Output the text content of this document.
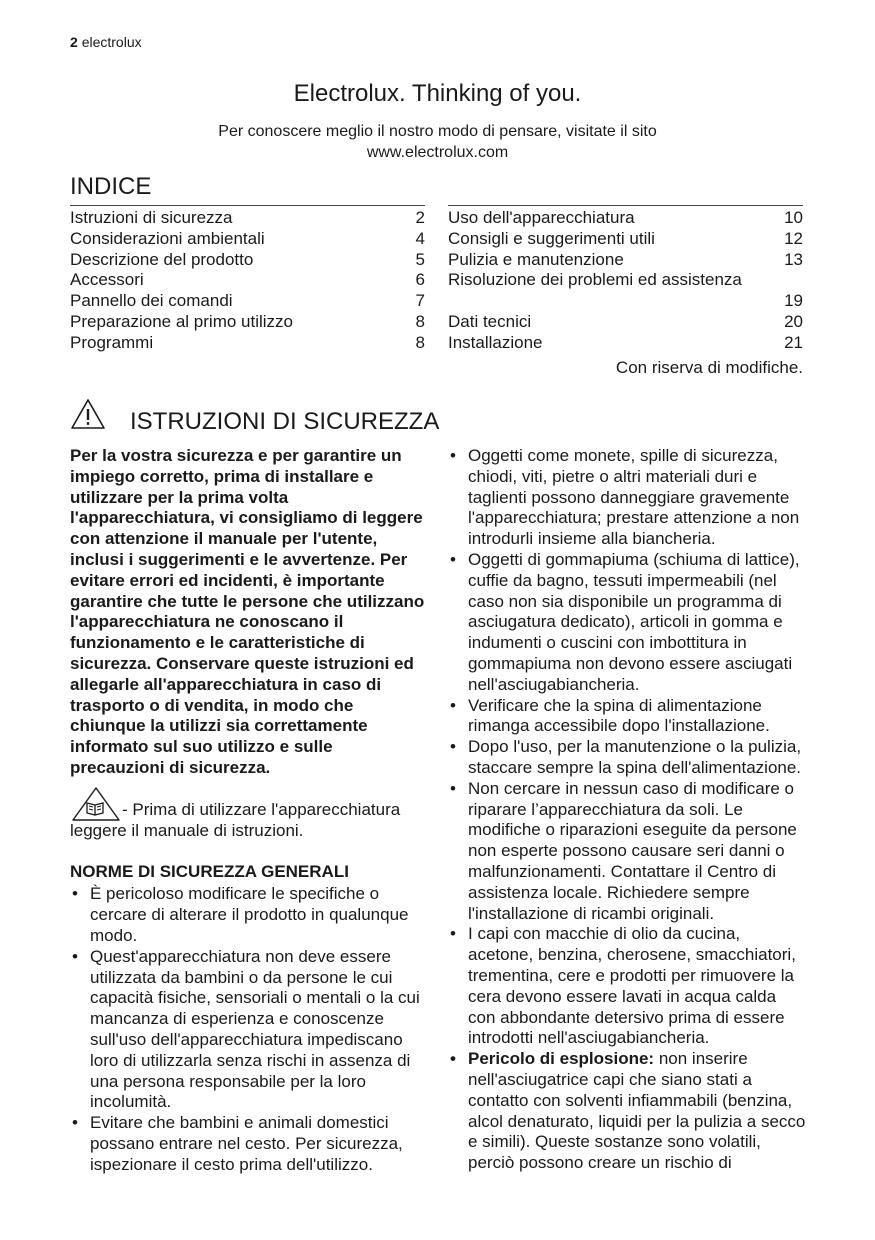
2 electrolux
Electrolux. Thinking of you.
Per conoscere meglio il nostro modo di pensare, visitate il sito www.electrolux.com
INDICE
Istruzioni di sicurezza	2
Considerazioni ambientali	4
Descrizione del prodotto	5
Accessori	6
Pannello dei comandi	7
Preparazione al primo utilizzo	8
Programmi	8
Uso dell'apparecchiatura	10
Consigli e suggerimenti utili	12
Pulizia e manutenzione	13
Risoluzione dei problemi ed assistenza
19
Dati tecnici	20
Installazione	21
Con riserva di modifiche.
ISTRUZIONI DI SICUREZZA

Per la vostra sicurezza e per garantire un impiego corretto, prima di installare e utilizzare per la prima volta l'apparecchiatura, vi consigliamo di leggere con attenzione il manuale per l'utente, inclusi i suggerimenti e le avvertenze. Per evitare errori ed incidenti, è importante garantire che tutte le persone che utilizzano l'apparecchiatura ne conoscano il funzionamento e le caratteristiche di sicurezza. Conservare queste istruzioni ed allegarle all'apparecchiatura in caso di trasporto o di vendita, in modo che chiunque la utilizzi sia correttamente informato sul suo utilizzo e sulle precauzioni di sicurezza.

- Prima di utilizzare l'apparecchiatura leggere il manuale di istruzioni.
NORME DI SICUREZZA GENERALI
• È pericoloso modificare le specifiche o cercare di alterare il prodotto in qualunque modo.
• Quest'apparecchiatura non deve essere utilizzata da bambini o da persone le cui capacità fisiche, sensoriali o mentali o la cui mancanza di esperienza e conoscenze sull'uso dell'apparecchiatura impediscano loro di utilizzarla senza rischi in assenza di una persona responsabile per la loro incolumità.
• Evitare che bambini e animali domestici possano entrare nel cesto. Per sicurezza, ispezionare il cesto prima dell'utilizzo.
• Oggetti come monete, spille di sicurezza, chiodi, viti, pietre o altri materiali duri e taglienti possono danneggiare gravemente l'apparecchiatura; prestare attenzione a non introdurli insieme alla biancheria.
• Oggetti di gommapiuma (schiuma di lattice), cuffie da bagno, tessuti impermeabili (nel caso non sia disponibile un programma di asciugatura dedicato), articoli in gomma e indumenti o cuscini con imbottitura in gommapiuma non devono essere asciugati nell'asciugabiancheria.
• Verificare che la spina di alimentazione rimanga accessibile dopo l'installazione.
• Dopo l'uso, per la manutenzione o la pulizia, staccare sempre la spina dell'alimentazione.
• Non cercare in nessun caso di modificare o riparare l’apparecchiatura da soli. Le modifiche o riparazioni eseguite da persone non esperte possono causare seri danni o malfunzionamenti. Contattare il Centro di assistenza locale. Richiedere sempre l'installazione di ricambi originali.
• I capi con macchie di olio da cucina, acetone, benzina, cherosene, smacchiatori, trementina, cere e prodotti per rimuovere la cera devono essere lavati in acqua calda con abbondante detersivo prima di essere introdotti nell'asciugabiancheria.
• Pericolo di esplosione: non inserire nell'asciugatrice capi che siano stati a contatto con solventi infiammabili (benzina, alcol denaturato, liquidi per la pulizia a secco e simili). Queste sostanze sono volatili, perciò possono creare un rischio di
